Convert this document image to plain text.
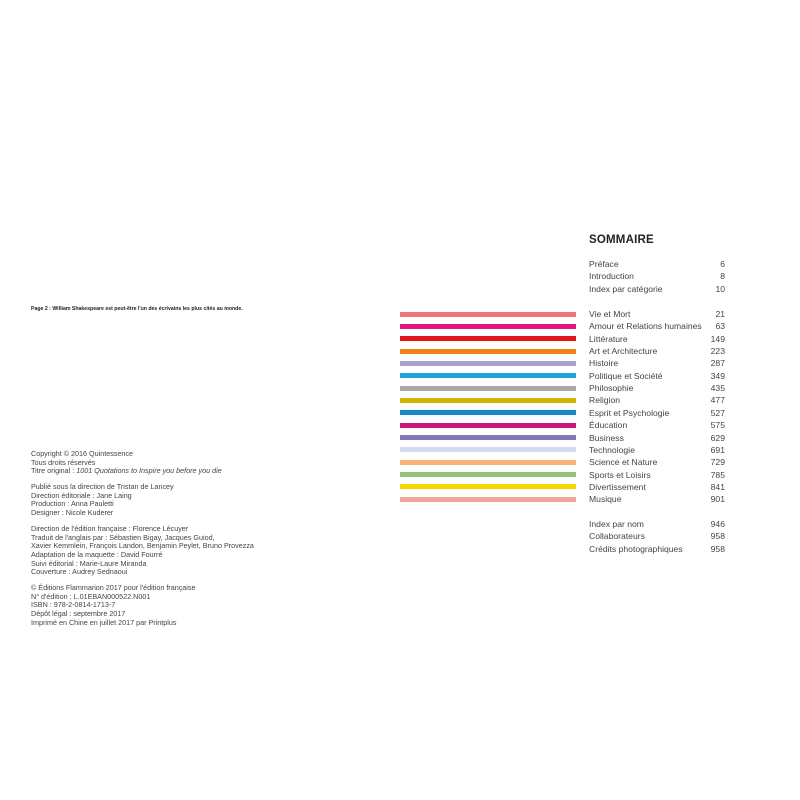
Page 2 : William Shakespeare est peut-être l'un des écrivains les plus cités au monde.
Copyright © 2016 Quintessence
Tous droits réservés
Titre original : 1001 Quotations to Inspire you before you die
Publié sous la direction de Tristan de Lancey
Direction éditoriale : Jane Laing
Production : Anna Pauletti
Designer : Nicole Kuderer
Direction de l'édition française : Florence Lécuyer
Traduit de l'anglais par : Sébastien Bigay, Jacques Guiod,
Xavier Kemmlein, François Landon, Benjamin Peylet, Bruno Provezza
Adaptation de la maquette : David Fourré
Suivi éditorial : Marie-Laure Miranda
Couverture : Audrey Sednaoui
© Éditions Flammarion 2017 pour l'édition française
N° d'édition : L.01EBAN000522.N001
ISBN : 978-2-0814-1713-7
Dépôt légal : septembre 2017
Imprimé en Chine en juillet 2017 par Printplus
SOMMAIRE
Préface	6
Introduction	8
Index par catégorie	10
Vie et Mort	21
Amour et Relations humaines 63
Littérature	149
Art et Architecture	223
Histoire	287
Politique et Société	349
Philosophie	435
Religion	477
Esprit et Psychologie	527
Éducation	575
Business	629
Technologie	691
Science et Nature	729
Sports et Loisirs	785
Divertissement	841
Musique	901
Index par nom	946
Collaborateurs	958
Crédits photographiques	958
